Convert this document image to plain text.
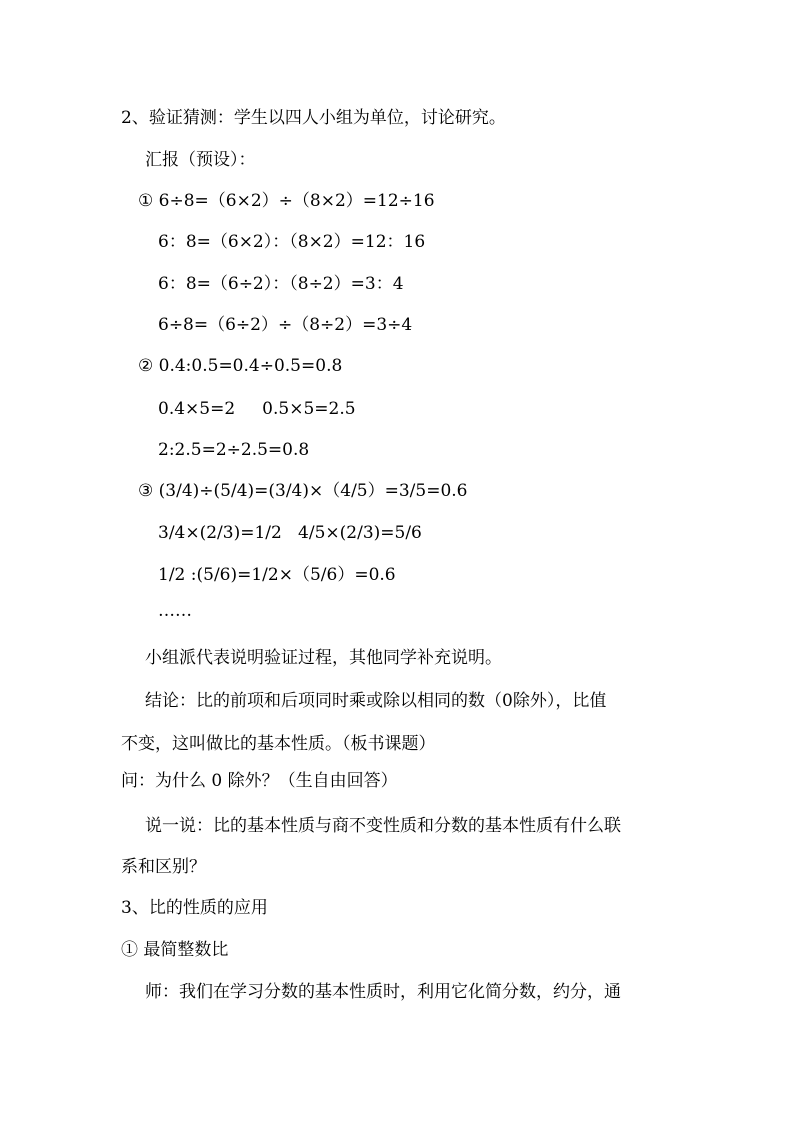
2、验证猜测：学生以四人小组为单位，讨论研究。
汇报（预设）：
① 6÷8=（6×2）÷（8×2）=12÷16
6：8=（6×2）：（8×2）=12：16
6：8=（6÷2）：（8÷2）=3：4
6÷8=（6÷2）÷（8÷2）=3÷4
② 0.4:0.5=0.4÷0.5=0.8
0.4×5=2     0.5×5=2.5
2:2.5=2÷2.5=0.8
③ (3/4)÷(5/4)=(3/4)×（4/5）=3/5=0.6
3/4×(2/3)=1/2   4/5×(2/3)=5/6
1/2 :(5/6)=1/2×（5/6）=0.6
……
小组派代表说明验证过程，其他同学补充说明。
结论：比的前项和后项同时乘或除以相同的数（0除外），比值
不变，这叫做比的基本性质。（板书课题）
问：为什么 0 除外？（生自由回答）
说一说：比的基本性质与商不变性质和分数的基本性质有什么联
系和区别？
3、比的性质的应用
① 最简整数比
师：我们在学习分数的基本性质时，利用它化简分数，约分，通
